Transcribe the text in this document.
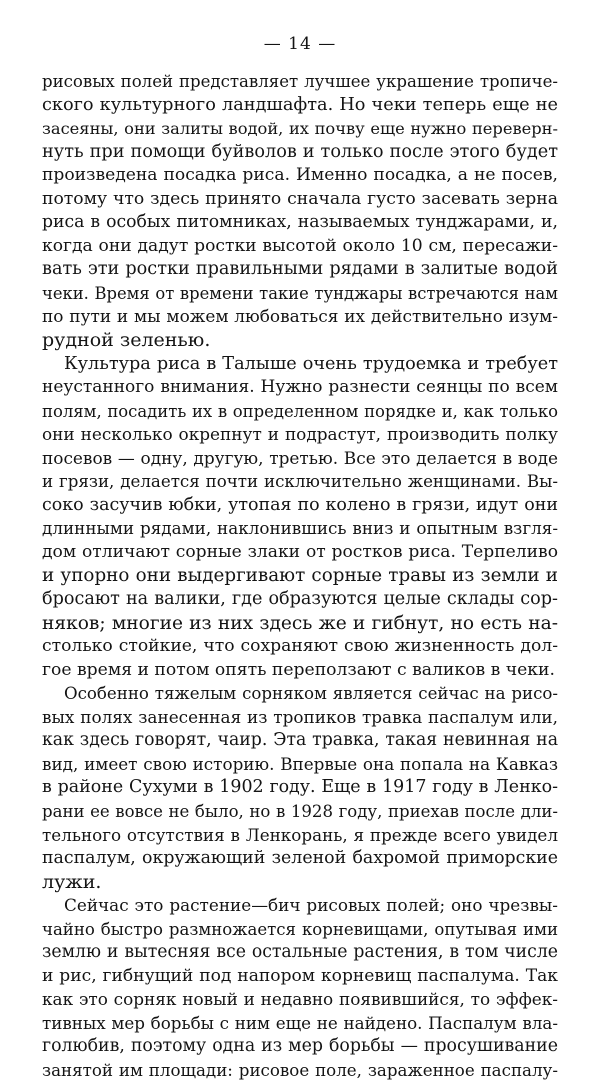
— 14 —
рисовых полей представляет лучшее украшение тропиче-
ского культурного ландшафта. Но чеки теперь еще не
засеяны, они залиты водой, их почву еще нужно переверн-
нуть при помощи буйволов и только после этого будет
произведена посадка риса. Именно посадка, а не посев,
потому что здесь принято сначала густо засевать зерна
риса в особых питомниках, называемых тунджарами, и,
когда они дадут ростки высотой около 10 см, пересажи-
вать эти ростки правильными рядами в залитые водой
чеки. Время от времени такие тунджары встречаются нам
по пути и мы можем любоваться их действительно изум-
рудной зеленью.
Культура риса в Талыше очень трудоемка и требует
неустанного внимания. Нужно разнести сеянцы по всем
полям, посадить их в определенном порядке и, как только
они несколько окрепнут и подрастут, производить полку
посевов — одну, другую, третью. Все это делается в воде
и грязи, делается почти исключительно женщинами. Вы-
соко засучив юбки, утопая по колено в грязи, идут они
длинными рядами, наклонившись вниз и опытным взгля-
дом отличают сорные злаки от ростков риса. Терпеливо
и упорно они выдергивают сорные травы из земли и
бросают на валики, где образуются целые склады сор-
няков; многие из них здесь же и гибнут, но есть на-
столько стойкие, что сохраняют свою жизненность дол-
гое время и потом опять переползают с валиков в чеки.
Особенно тяжелым сорняком является сейчас на рисо-
вых полях занесенная из тропиков травка паспалум или,
как здесь говорят, чаир. Эта травка, такая невинная на
вид, имеет свою историю. Впервые она попала на Кавказ
в районе Сухуми в 1902 году. Еще в 1917 году в Ленко-
рани ее вовсе не было, но в 1928 году, приехав после дли-
тельного отсутствия в Ленкорань, я прежде всего увидел
паспалум, окружающий зеленой бахромой приморские
лужи.
Сейчас это растение—бич рисовых полей; оно чрезвы-
чайно быстро размножается корневищами, опутывая ими
землю и вытесняя все остальные растения, в том числе
и рис, гибнущий под напором корневищ паспалума. Так
как это сорняк новый и недавно появившийся, то эффек-
тивных мер борьбы с ним еще не найдено. Паспалум вла-
голюбив, поэтому одна из мер борьбы — просушивание
занятой им площади: рисовое поле, зараженное паспалу-
